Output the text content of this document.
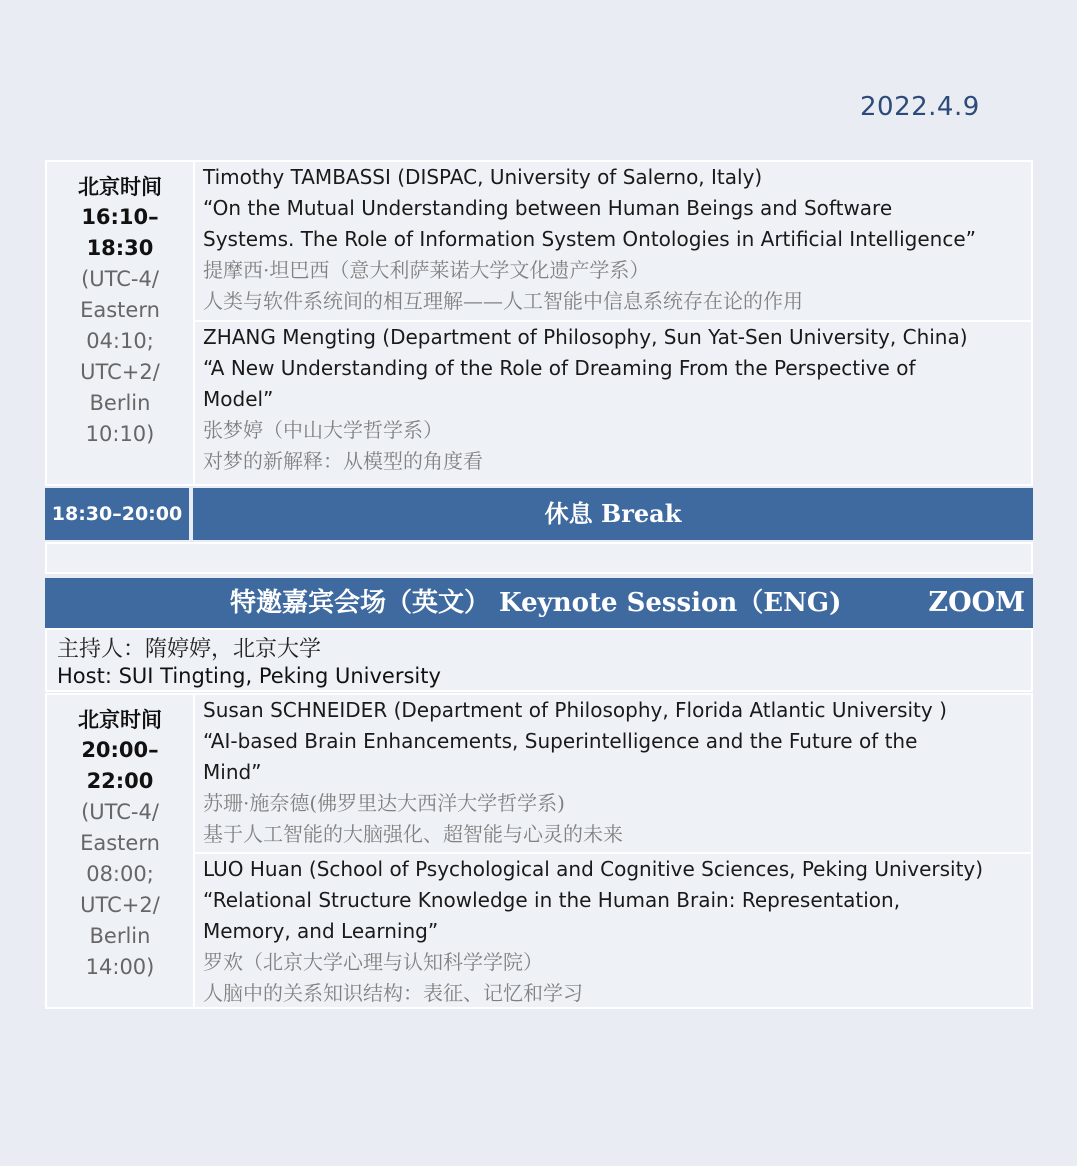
2022.4.9
北京时间
16:10–
18:30
(UTC-4/
Eastern
04:10;
UTC+2/
Berlin
10:10)
Timothy TAMBASSI (DISPAC, University of Salerno, Italy)
“On the Mutual Understanding between Human Beings and Software
Systems. The Role of Information System Ontologies in Artificial Intelligence”
提摩西·坦巴西（意大利萨莱诺大学文化遗产学系）
人类与软件系统间的相互理解——人工智能中信息系统存在论的作用
ZHANG Mengting (Department of Philosophy, Sun Yat-Sen University, China)
“A New Understanding of the Role of Dreaming From the Perspective of
Model”
张梦婷（中山大学哲学系）
对梦的新解释：从模型的角度看
18:30–20:00	休息 Break
特邀嘉宾会场（英文） Keynote Session（ENG)	ZOOM
主持人：隋婷婷，北京大学
Host: SUI Tingting, Peking University
北京时间
20:00–
22:00
(UTC-4/
Eastern
08:00;
UTC+2/
Berlin
14:00)
Susan SCHNEIDER (Department of Philosophy, Florida Atlantic University )
“AI-based Brain Enhancements, Superintelligence and the Future of the
Mind”
苏珊·施奈德(佛罗里达大西洋大学哲学系)
基于人工智能的大脑强化、超智能与心灵的未来
LUO Huan (School of Psychological and Cognitive Sciences, Peking University)
“Relational Structure Knowledge in the Human Brain: Representation,
Memory, and Learning”
罗欢（北京大学心理与认知科学学院）
人脑中的关系知识结构：表征、记忆和学习
